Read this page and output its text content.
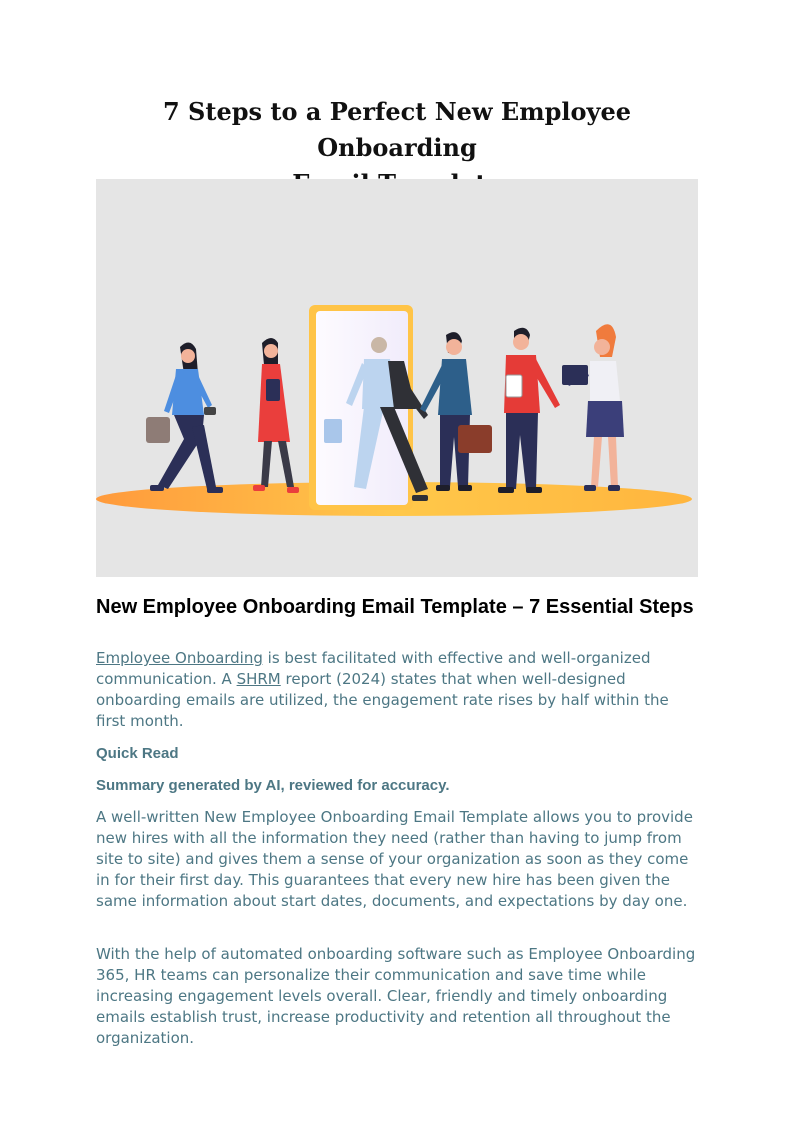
7 Steps to a Perfect New Employee Onboarding

New Employee Onboarding Email Template – 7 Essential Steps

Employee Onboarding is best facilitated with effective and well-organized communication. A SHRM report (2024) states that when well-designed onboarding emails are utilized, the engagement rate rises by half within the first month.

Quick Read

Summary generated by AI, reviewed for accuracy.

A well-written New Employee Onboarding Email Template allows you to provide new hires with all the information they need (rather than having to jump from site to site) and gives them a sense of your organization as soon as they come in for their first day. This guarantees that every new hire has been given the same information about start dates, documents, and expectations by day one.

With the help of automated onboarding software such as Employee Onboarding 365, HR teams can personalize their communication and save time while increasing engagement levels overall. Clear, friendly and timely onboarding emails establish trust, increase productivity and retention all throughout the organization.
